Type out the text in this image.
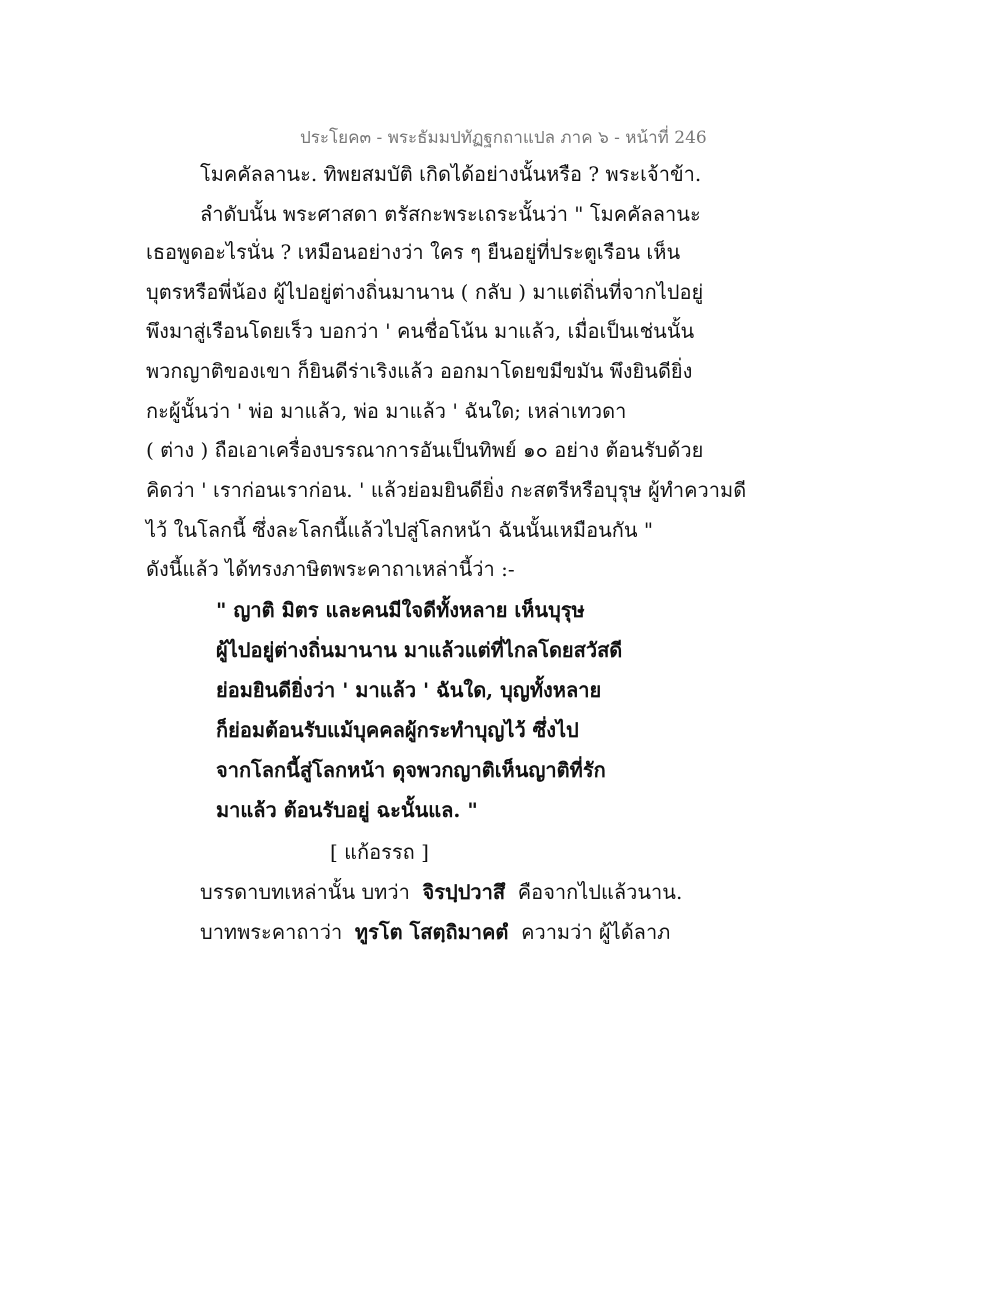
ประโยค๓ - พระธัมมปทัฏฐกถาแปล ภาค ๖ - หน้าที่ 246
โมคคัลลานะ. ทิพยสมบัติ เกิดได้อย่างนั้นหรือ ? พระเจ้าข้า.
ลำดับนั้น พระศาสดา ตรัสกะพระเถระนั้นว่า " โมคคัลลานะ
เธอพูดอะไรนั่น ? เหมือนอย่างว่า ใคร ๆ ยืนอยู่ที่ประตูเรือน เห็น
บุตรหรือพี่น้อง ผู้ไปอยู่ต่างถิ่นมานาน ( กลับ ) มาแต่ถิ่นที่จากไปอยู่
พึงมาสู่เรือนโดยเร็ว บอกว่า ' คนชื่อโน้น มาแล้ว, เมื่อเป็นเช่นนั้น
พวกญาติของเขา ก็ยินดีร่าเริงแล้ว ออกมาโดยขมีขมัน พึงยินดียิ่ง
กะผู้นั้นว่า ' พ่อ มาแล้ว, พ่อ มาแล้ว ' ฉันใด; เหล่าเทวดา
( ต่าง ) ถือเอาเครื่องบรรณาการอันเป็นทิพย์ ๑๐ อย่าง ต้อนรับด้วย
คิดว่า ' เราก่อนเราก่อน. ' แล้วย่อมยินดียิ่ง กะสตรีหรือบุรุษ ผู้ทำความดี
ไว้ ในโลกนี้ ซึ่งละโลกนี้แล้วไปสู่โลกหน้า ฉันนั้นเหมือนกัน "
ดังนี้แล้ว ได้ทรงภาษิตพระคาถาเหล่านี้ว่า :-
" ญาติ มิตร และคนมีใจดีทั้งหลาย เห็นบุรุษ
ผู้ไปอยู่ต่างถิ่นมานาน มาแล้วแต่ที่ไกลโดยสวัสดี
ย่อมยินดียิ่งว่า ' มาแล้ว ' ฉันใด, บุญทั้งหลาย
ก็ย่อมต้อนรับแม้บุคคลผู้กระทำบุญไว้ ซึ่งไป
จากโลกนี้สู่โลกหน้า ดุจพวกญาติเห็นญาติที่รัก
มาแล้ว ต้อนรับอยู่ ฉะนั้นแล. "
[ แก้อรรถ ]
บรรดาบทเหล่านั้น บทว่า จิรปฺปวาสึ คือจากไปแล้วนาน.
บาทพระคาถาว่า ทูรโต โสตฺถิมาคตํ ความว่า ผู้ได้ลาภ
